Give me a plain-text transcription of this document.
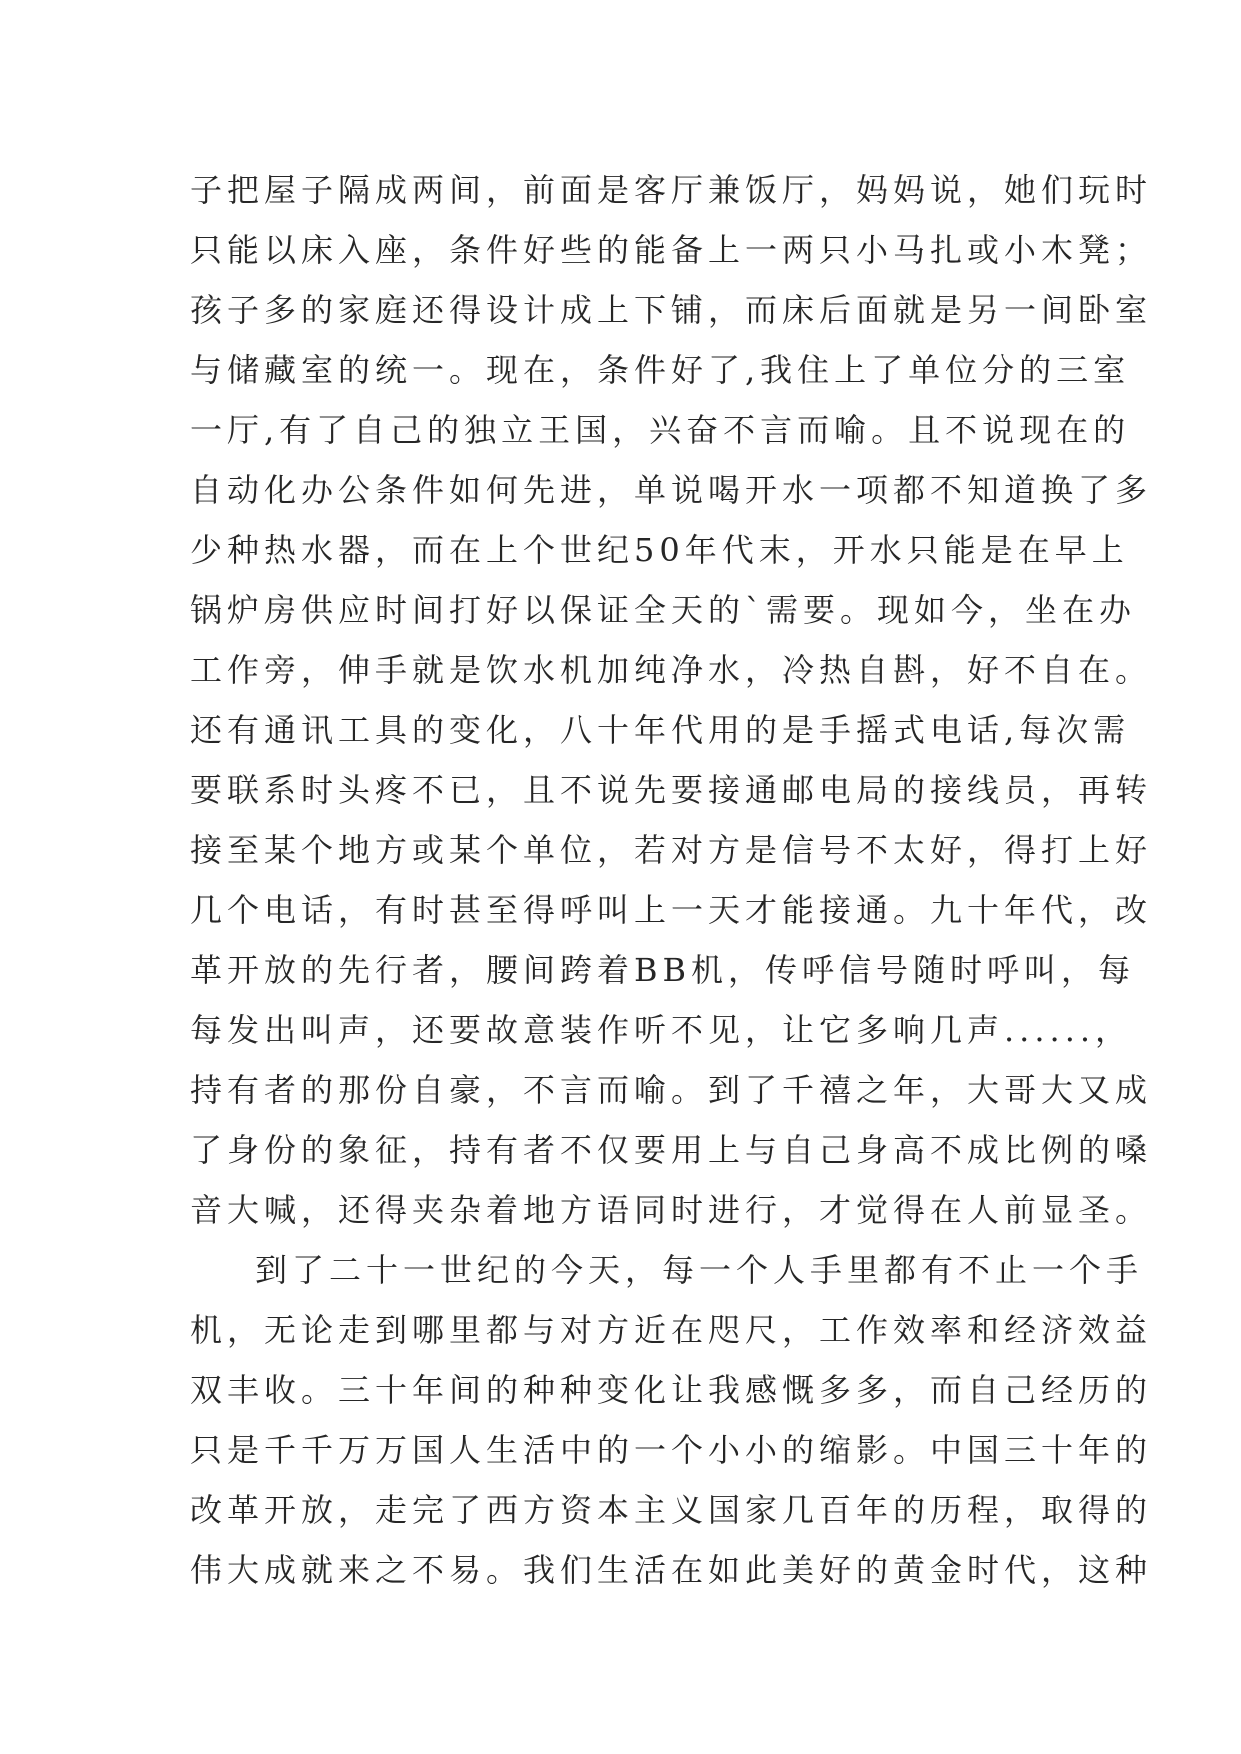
子把屋子隔成两间，前面是客厅兼饭厅，妈妈说，她们玩时
只能以床入座，条件好些的能备上一两只小马扎或小木凳；
孩子多的家庭还得设计成上下铺，而床后面就是另一间卧室
与储藏室的统一。现在，条件好了,我住上了单位分的三室
一厅,有了自己的独立王国，兴奋不言而喻。且不说现在的
自动化办公条件如何先进，单说喝开水一项都不知道换了多
少种热水器，而在上个世纪50年代末，开水只能是在早上
锅炉房供应时间打好以保证全天的`需要。现如今，坐在办
工作旁，伸手就是饮水机加纯净水，冷热自斟，好不自在。
还有通讯工具的变化，八十年代用的是手摇式电话,每次需
要联系时头疼不已，且不说先要接通邮电局的接线员，再转
接至某个地方或某个单位，若对方是信号不太好，得打上好
几个电话，有时甚至得呼叫上一天才能接通。九十年代，改
革开放的先行者，腰间跨着BB机，传呼信号随时呼叫，每
每发出叫声，还要故意装作听不见，让它多响几声......，
持有者的那份自豪，不言而喻。到了千禧之年，大哥大又成
了身份的象征，持有者不仅要用上与自己身高不成比例的嗓
音大喊，还得夹杂着地方语同时进行，才觉得在人前显圣。
到了二十一世纪的今天，每一个人手里都有不止一个手
机，无论走到哪里都与对方近在咫尺，工作效率和经济效益
双丰收。三十年间的种种变化让我感慨多多，而自己经历的
只是千千万万国人生活中的一个小小的缩影。中国三十年的
改革开放，走完了西方资本主义国家几百年的历程，取得的
伟大成就来之不易。我们生活在如此美好的黄金时代，这种
